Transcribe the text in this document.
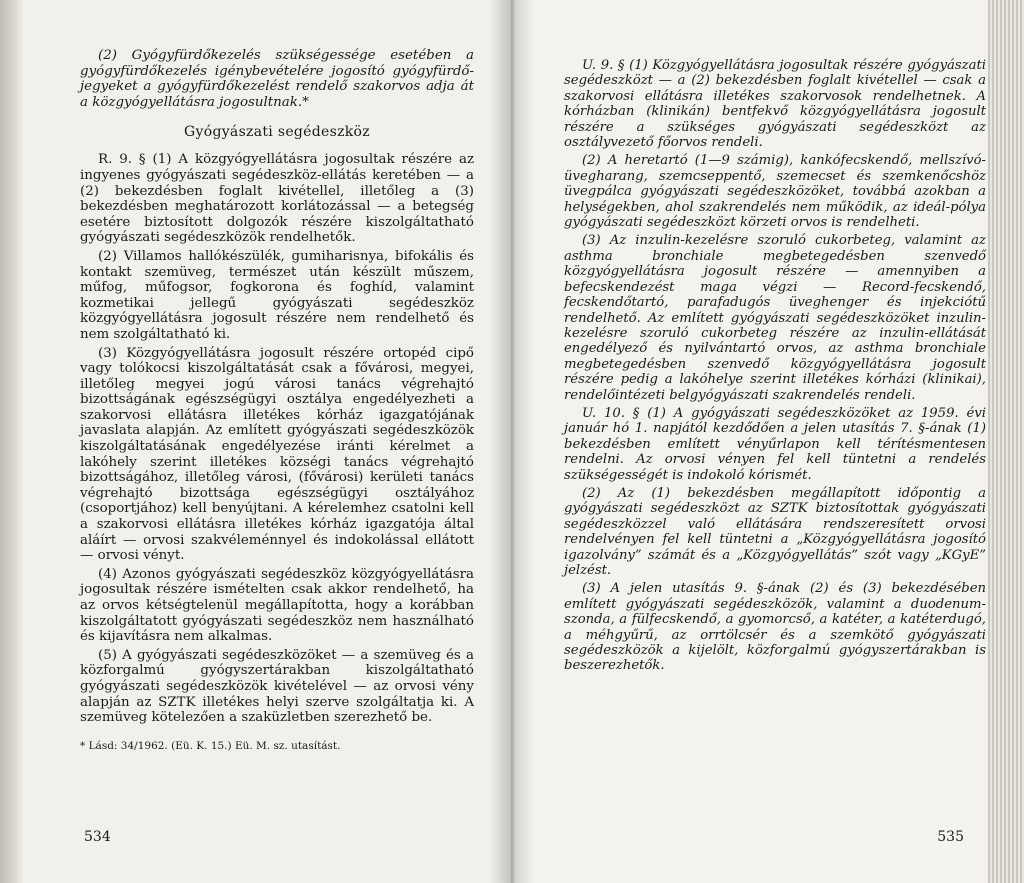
(2) Gyógyfürdőkezelés szükségessége esetében a gyógyfürdőkezelés igénybevételére jogosító gyógyfürdő-jegyeket a gyógyfürdőkezelést rendelő szakorvos adja át a közgyógyellátásra jogosultnak.*

Gyógyászati segédeszköz

R. 9. § (1) A közgyógyellátásra jogosultak részére az ingyenes gyógyászati segédeszköz-ellátás keretében — a (2) bekezdésben foglalt kivétellel, illetőleg a (3) bekezdésben meghatározott korlátozással — a betegség esetére biztosított dolgozók részére kiszolgáltatható gyógyászati segédeszközök rendelhetők.

(2) Villamos hallókészülék, gumiharisnya, bifokális és kontakt szemüveg, természet után készült műszem, műfog, műfogsor, fogkorona és foghíd, valamint kozmetikai jellegű gyógyászati segédeszköz közgyógyellátásra jogosult részére nem rendelhető és nem szolgáltatható ki.

(3) Közgyógyellátásra jogosult részére ortopéd cipő vagy tolókocsi kiszolgáltatását csak a fővárosi, megyei, illetőleg megyei jogú városi tanács végrehajtó bizottságának egészségügyi osztálya engedélyezheti a szakorvosi ellátásra illetékes kórház igazgatójának javaslata alapján. Az említett gyógyászati segédeszközök kiszolgáltatásának engedélyezése iránti kérelmet a lakóhely szerint illetékes községi tanács végrehajtó bizottságához, illetőleg városi, (fővárosi) kerületi tanács végrehajtó bizottsága egészségügyi osztályához (csoportjához) kell benyújtani. A kérelemhez csatolni kell a szakorvosi ellátásra illetékes kórház igazgatója által aláírt — orvosi szakvéleménnyel és indokolással ellátott — orvosi vényt.

(4) Azonos gyógyászati segédeszköz közgyógyellátásra jogosultak részére ismételten csak akkor rendelhető, ha az orvos kétségtelenül megállapította, hogy a korábban kiszolgáltatott gyógyászati segédeszköz nem használható és kijavításra nem alkalmas.

(5) A gyógyászati segédeszközöket — a szemüveg és a közforgalmú gyógyszertárakban kiszolgáltatható gyógyászati segédeszközök kivételével — az orvosi vény alapján az SZTK illetékes helyi szerve szolgáltatja ki. A szemüveg kötelezően a szaküzletben szerezhető be.

* Lásd: 34/1962. (Eü. K. 15.) Eü. M. sz. utasítást.

534

U. 9. § (1) Közgyógyellátásra jogosultak részére gyógyászati segédeszközt — a (2) bekezdésben foglalt kivétellel — csak a szakorvosi ellátásra illetékes szakorvosok rendelhetnek. A kórházban (klinikán) bentfekvő közgyógyellátásra jogosult részére a szükséges gyógyászati segédeszközt az osztályvezető főorvos rendeli.

(2) A heretartó (1—9 számig), kankófecskendő, mellszívó-üvegharang, szemcseppentő, szemecset és szemkenőcshöz üvegpálca gyógyászati segédeszközöket, továbbá azokban a helységekben, ahol szakrendelés nem működik, az ideál-pólya gyógyászati segédeszközt körzeti orvos is rendelheti.

(3) Az inzulin-kezelésre szoruló cukorbeteg, valamint az asthma bronchiale megbetegedésben szenvedő közgyógyellátásra jogosult részére — amennyiben a befecskendezést maga végzi — Record-fecskendő, fecskendőtartó, parafadugós üveghenger és injekciótű rendelhető. Az említett gyógyászati segédeszközöket inzulin-kezelésre szoruló cukorbeteg részére az inzulin-ellátását engedélyező és nyilvántartó orvos, az asthma bronchiale megbetegedésben szenvedő közgyógyellátásra jogosult részére pedig a lakóhelye szerint illetékes kórházi (klinikai), rendelőintézeti belgyógyászati szakrendelés rendeli.

U. 10. § (1) A gyógyászati segédeszközöket az 1959. évi január hó 1. napjától kezdődően a jelen utasítás 7. §-ának (1) bekezdésben említett vényűrlapon kell térítésmentesen rendelni. Az orvosi vényen fel kell tüntetni a rendelés szükségességét is indokoló kórismét.

(2) Az (1) bekezdésben megállapított időpontig a gyógyászati segédeszközt az SZTK biztosítottak gyógyászati segédeszközzel való ellátására rendszeresített orvosi rendelvényen fel kell tüntetni a „Közgyógyellátásra jogosító igazolvány” számát és a „Közgyógyellátás” szót vagy „KGyE” jelzést.

(3) A jelen utasítás 9. §-ának (2) és (3) bekezdésében említett gyógyászati segédeszközök, valamint a duodenum-szonda, a fülfecskendő, a gyomorcső, a katéter, a katéterdugó, a méhgyűrű, az orrtölcsér és a szemkötő gyógyászati segédeszközök a kijelölt, közforgalmú gyógyszertárakban is beszerezhetők.

535
